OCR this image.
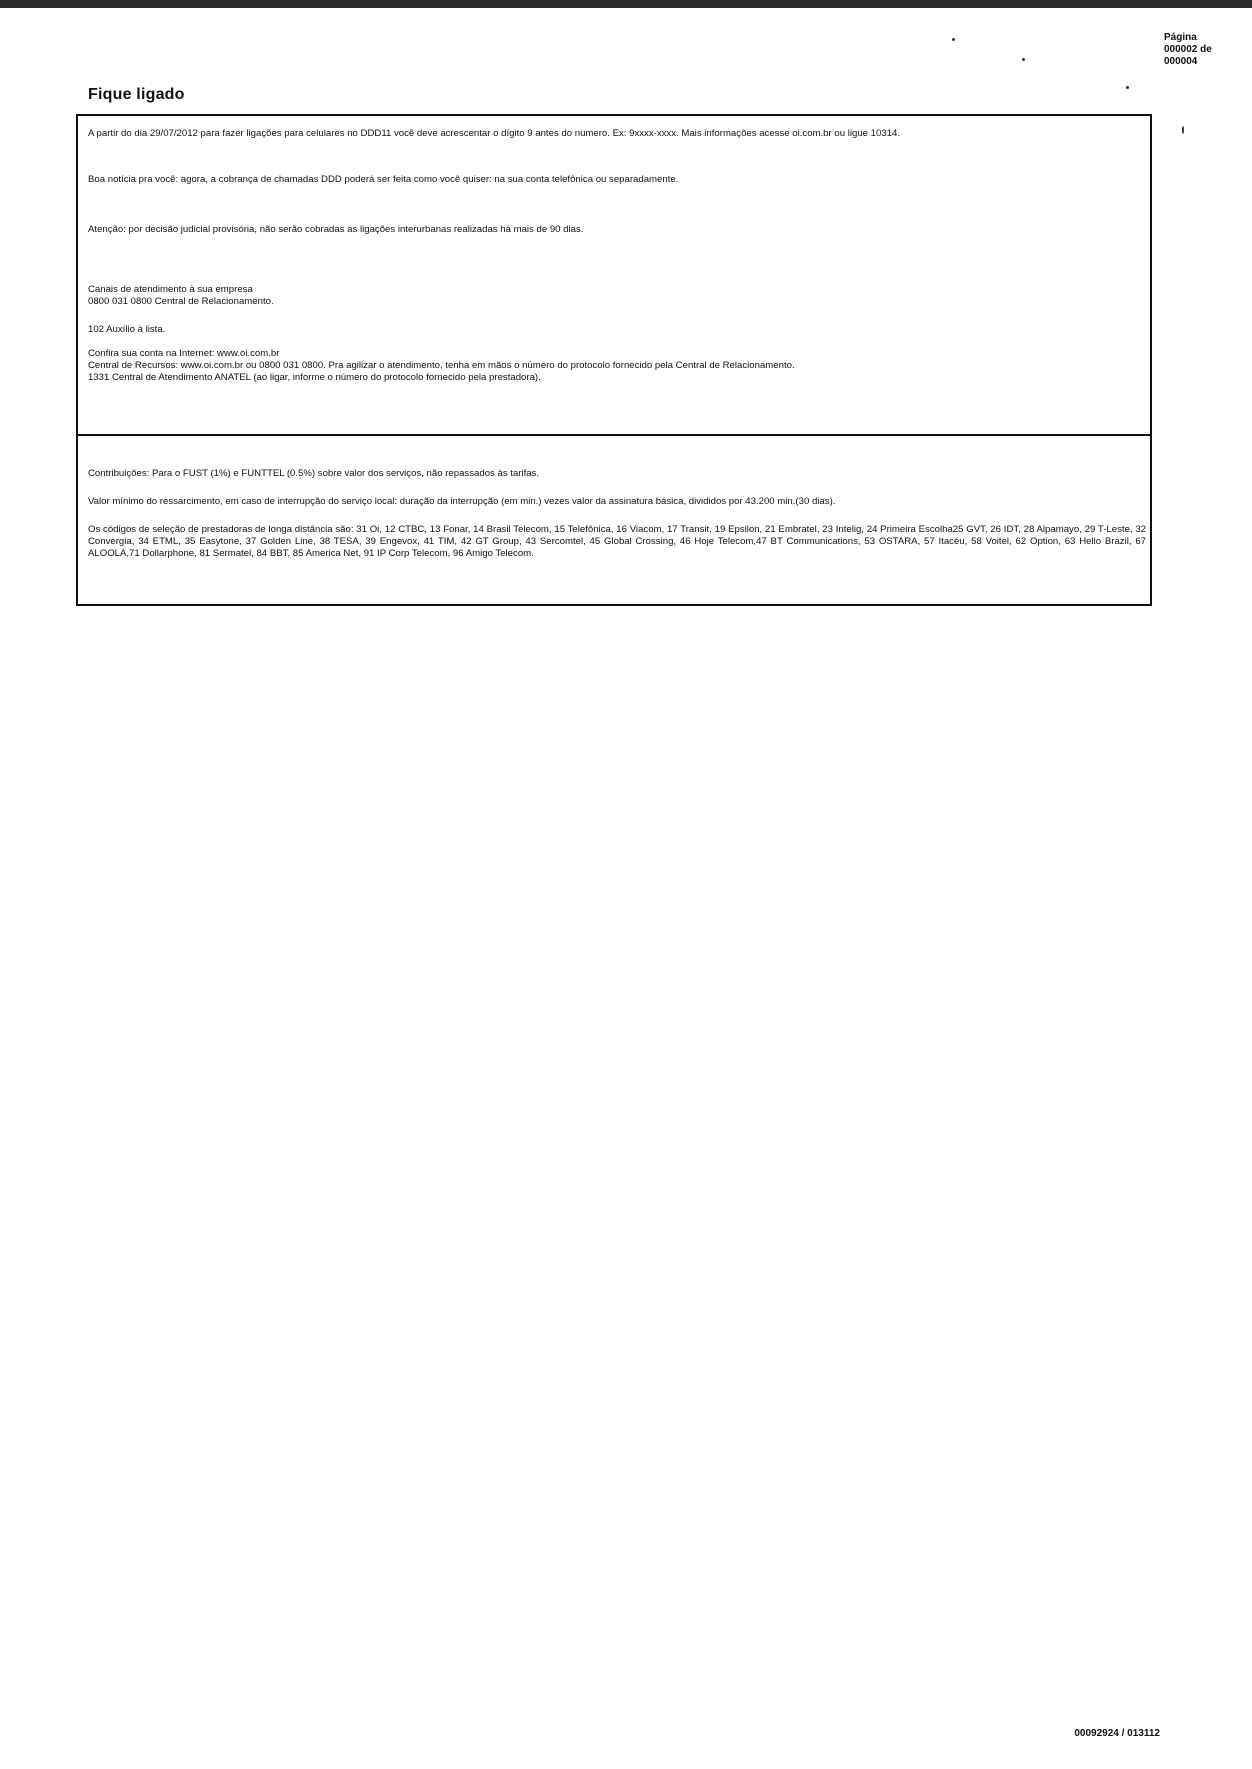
Página
000002 de
000004
Fique ligado

A partir do dia 29/07/2012 para fazer ligações para celulares no DDD11 você deve acrescentar o dígito 9 antes do numero. Ex: 9xxxx-xxxx. Mais informações acesse oi.com.br ou ligue 10314.

Boa notícia pra você: agora, a cobrança de chamadas DDD poderá ser feita como você quiser: na sua conta telefônica ou separadamente.

Atenção: por decisão judicial provisória, não serão cobradas as ligações interurbanas realizadas há mais de 90 dias.

Canais de atendimento à sua empresa
0800 031 0800 Central de Relacionamento.
102 Auxílio à lista.
Confira sua conta na Internet: www.oi.com.br
Central de Recursos: www.oi.com.br ou 0800 031 0800. Pra agilizar o atendimento, tenha em mãos o número do protocolo fornecido pela Central de Relacionamento.
1331 Central de Atendimento ANATEL (ao ligar, informe o número do protocolo fornecido pela prestadora).

Contribuições: Para o FUST (1%) e FUNTTEL (0.5%) sobre valor dos serviços, não repassados às tarifas.

Valor mínimo do ressarcimento, em caso de interrupção do serviço local: duração da interrupção (em min.) vezes valor da assinatura básica, divididos por 43.200 min.(30 dias).

Os códigos de seleção de prestadoras de longa distância são: 31 Oi, 12 CTBC, 13 Fonar, 14 Brasil Telecom, 15 Telefônica, 16 Viacom, 17 Transit, 19 Epsilon, 21 Embratel, 23 Intelig, 24 Primeira Escolha25 GVT, 26 IDT, 28 Alpamayo, 29 T-Leste, 32 Convergia, 34 ETML, 35 Easytone, 37 Golden Line, 38 TESA, 39 Engevox, 41 TIM, 42 GT Group, 43 Sercomtel, 45 Global Crossing, 46 Hoje Telecom,47 BT Communications, 53 OSTARA, 57 Itacéu, 58 Voitel, 62 Option, 63 Hello Brazil, 67 ALOOLA,71 Dollarphone, 81 Sermatel, 84 BBT, 85 America Net, 91 IP Corp Telecom, 96 Amigo Telecom.

00092924 / 013112
